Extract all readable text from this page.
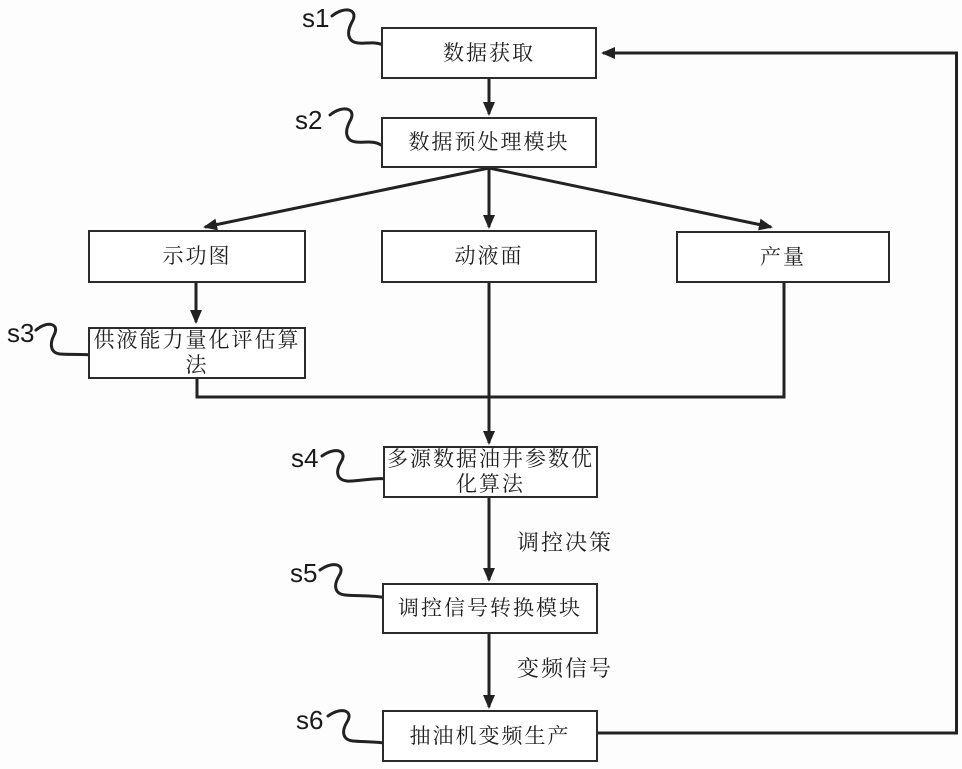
s1
s2
s3
s4
s5
s6
数据获取
数据预处理模块
示功图	动液面	产量
供液能力量化评估算法
多源数据油井参数优化算法
调控信号转换模块
抽油机变频生产
调控决策
变频信号
